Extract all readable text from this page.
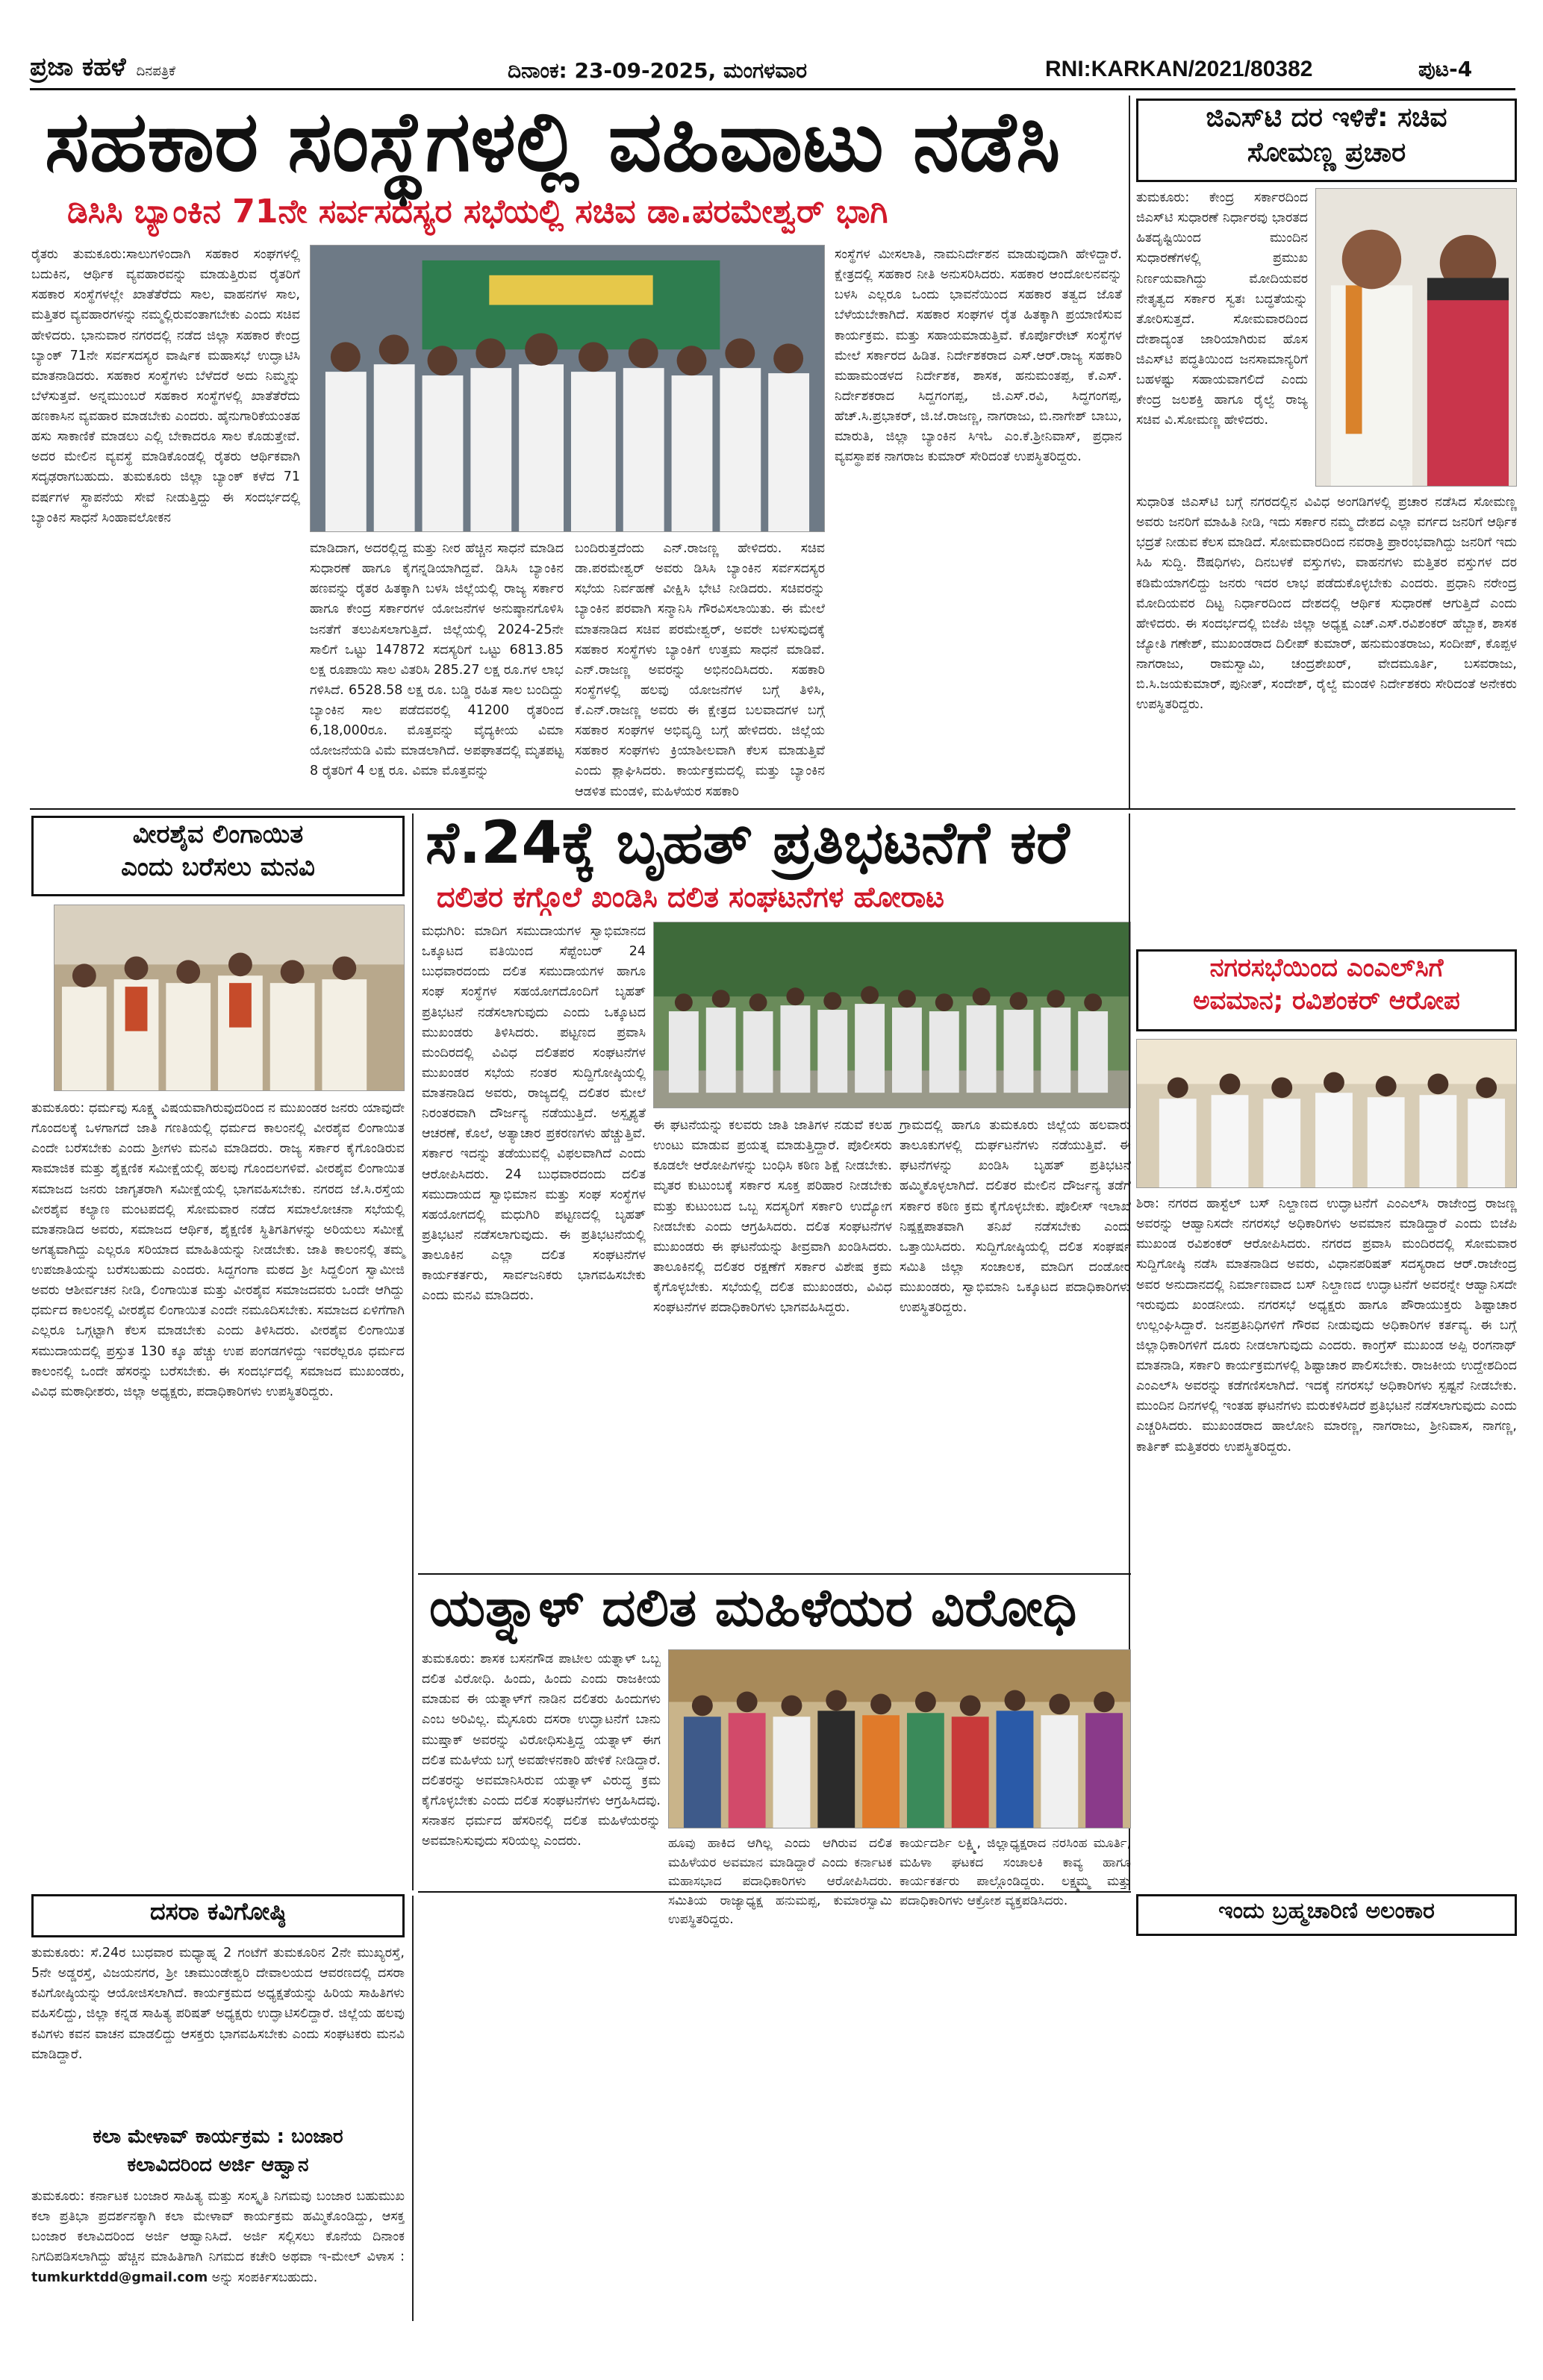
ಪ್ರಜಾ ಕಹಳೆ ದಿನಪತ್ರಿಕೆ	ದಿನಾಂಕ: 23-09-2025, ಮಂಗಳವಾರ	RNI:KARKAN/2021/80382	ಪುಟ-4
ಸಹಕಾರ ಸಂಸ್ಥೆಗಳಲ್ಲಿ ವಹಿವಾಟು ನಡೆಸಿ
ಡಿಸಿಸಿ ಬ್ಯಾಂಕಿನ 71ನೇ ಸರ್ವಸದಸ್ಯರ ಸಭೆಯಲ್ಲಿ ಸಚಿವ ಡಾ.ಪರಮೇಶ್ವರ್ ಭಾಗಿ
ರೈತರು ತುಮಕೂರು:ಸಾಲುಗಳಿಂದಾಗಿ ಸಹಕಾರ ಸಂಘಗಳಲ್ಲಿ ಬದುಕಿನ, ಆರ್ಥಿಕ ವ್ಯವಹಾರವನ್ನು ಮಾಡುತ್ತಿರುವ ರೈತರಿಗೆ ಸಹಕಾರ ಸಂಸ್ಥೆಗಳಲ್ಲೇ ಖಾತೆತೆರೆದು ಸಾಲ, ವಾಹನಗಳ ಸಾಲ, ಮತ್ತಿತರ ವ್ಯವಹಾರಗಳನ್ನು ನಮ್ಮಲ್ಲಿರುವಂತಾಗಬೇಕು ಎಂದು ಸಚಿವ ಹೇಳಿದರು. ಭಾನುವಾರ ನಗರದಲ್ಲಿ ನಡೆದ ಜಿಲ್ಲಾ ಸಹಕಾರ ಕೇಂದ್ರ ಬ್ಯಾಂಕ್ 71ನೇ ಸರ್ವಸದಸ್ಯರ ವಾರ್ಷಿಕ ಮಹಾಸಭೆ ಉದ್ಘಾಟಿಸಿ ಮಾತನಾಡಿದರು. ಸಹಕಾರ ಸಂಸ್ಥೆಗಳು ಬೆಳೆದರೆ ಅದು ನಿಮ್ಮನ್ನು ಬೆಳೆಸುತ್ತವೆ. ಅನ್ನಮುಂಬರೆ ಸಹಕಾರ ಸಂಸ್ಥೆಗಳಲ್ಲಿ ಖಾತೆತೆರೆದು ಹಣಕಾಸಿನ ವ್ಯವಹಾರ ಮಾಡಬೇಕು ಎಂದರು. ಹೈನುಗಾರಿಕೆಯಂತಹ ಹಸು ಸಾಕಾಣಿಕೆ ಮಾಡಲು ಎಲ್ಲಿ ಬೇಕಾದರೂ ಸಾಲ ಕೊಡುತ್ತೇವೆ. ಅದರ ಮೇಲಿನ ವ್ಯವಸ್ಥೆ ಮಾಡಿಕೊಂಡಲ್ಲಿ ರೈತರು ಆರ್ಥಿಕವಾಗಿ ಸದೃಢರಾಗಬಹುದು. ತುಮಕೂರು ಜಿಲ್ಲಾ ಬ್ಯಾಂಕ್ ಕಳೆದ 71 ವರ್ಷಗಳ ಸ್ಥಾಪನೆಯ ಸೇವೆ ನೀಡುತ್ತಿದ್ದು ಈ ಸಂದರ್ಭದಲ್ಲಿ ಬ್ಯಾಂಕಿನ ಸಾಧನೆ ಸಿಂಹಾವಲೋಕನ
ಮಾಡಿದಾಗ, ಅದರಲ್ಲಿದ್ದ ಮತ್ತು ನೀರ ಹೆಚ್ಚಿನ ಸಾಧನೆ ಮಾಡಿದ ಸುಧಾರಣೆ ಹಾಗೂ ಕೈಗನ್ನಡಿಯಾಗಿದ್ದವೆ. ಡಿಸಿಸಿ ಬ್ಯಾಂಕಿನ ಹಣವನ್ನು ರೈತರ ಹಿತಕ್ಕಾಗಿ ಬಳಸಿ ಜಿಲ್ಲೆಯಲ್ಲಿ ರಾಜ್ಯ ಸರ್ಕಾರ ಹಾಗೂ ಕೇಂದ್ರ ಸರ್ಕಾರಗಳ ಯೋಜನೆಗಳ ಅನುಷ್ಠಾನಗೊಳಿಸಿ ಜನತೆಗೆ ತಲುಪಿಸಲಾಗುತ್ತಿದೆ. ಜಿಲ್ಲೆಯಲ್ಲಿ 2024-25ನೇ ಸಾಲಿಗೆ ಒಟ್ಟು 147872 ಸದಸ್ಯರಿಗೆ ಒಟ್ಟು 6813.85 ಲಕ್ಷ ರೂಪಾಯಿ ಸಾಲ ವಿತರಿಸಿ 285.27 ಲಕ್ಷ ರೂ.ಗಳ ಲಾಭ ಗಳಿಸಿದೆ. 6528.58 ಲಕ್ಷ ರೂ. ಬಡ್ಡಿ ರಹಿತ ಸಾಲ ಬಂದಿದ್ದು ಬ್ಯಾಂಕಿನ ಸಾಲ ಪಡೆದವರಲ್ಲಿ 41200 ರೈತರಿಂದ 6,18,000ರೂ. ಮೊತ್ತವನ್ನು ವೈದ್ಯಕೀಯ ವಿಮಾ ಯೋಜನೆಯಡಿ ವಿಮೆ ಮಾಡಲಾಗಿದೆ. ಅಪಘಾತದಲ್ಲಿ ಮೃತಪಟ್ಟ 8 ರೈತರಿಗೆ 4 ಲಕ್ಷ ರೂ. ವಿಮಾ ಮೊತ್ತವನ್ನು
ಬಂದಿರುತ್ತದೆಂದು ಎನ್.ರಾಜಣ್ಣ ಹೇಳಿದರು. ಸಚಿವ ಡಾ.ಪರಮೇಶ್ವರ್ ಅವರು ಡಿಸಿಸಿ ಬ್ಯಾಂಕಿನ ಸರ್ವಸದಸ್ಯರ ಸಭೆಯ ನಿರ್ವಹಣೆ ವೀಕ್ಷಿಸಿ ಭೇಟಿ ನೀಡಿದರು. ಸಚಿವರನ್ನು ಬ್ಯಾಂಕಿನ ಪರವಾಗಿ ಸನ್ಮಾನಿಸಿ ಗೌರವಿಸಲಾಯಿತು. ಈ ಮೇಲೆ ಮಾತನಾಡಿದ ಸಚಿವ ಪರಮೇಶ್ವರ್, ಅವರೇ ಬಳಸುವುದಕ್ಕೆ ಸಹಕಾರ ಸಂಸ್ಥೆಗಳು ಬ್ಯಾಂಕಿಗೆ ಉತ್ತಮ ಸಾಧನೆ ಮಾಡಿವೆ. ಎನ್.ರಾಜಣ್ಣ ಅವರನ್ನು ಅಭಿನಂದಿಸಿದರು. ಸಹಕಾರಿ ಸಂಸ್ಥೆಗಳಲ್ಲಿ ಹಲವು ಯೋಜನೆಗಳ ಬಗ್ಗೆ ತಿಳಿಸಿ, ಕೆ.ಎನ್.ರಾಜಣ್ಣ ಅವರು ಈ ಕ್ಷೇತ್ರದ ಬಲವಾದಗಳ ಬಗ್ಗೆ ಸಹಕಾರ ಸಂಘಗಳ ಅಭಿವೃದ್ಧಿ ಬಗ್ಗೆ ಹೇಳಿದರು. ಜಿಲ್ಲೆಯ ಸಹಕಾರ ಸಂಘಗಳು ಕ್ರಿಯಾಶೀಲವಾಗಿ ಕೆಲಸ ಮಾಡುತ್ತಿವೆ ಎಂದು ಶ್ಲಾಘಿಸಿದರು. ಕಾರ್ಯಕ್ರಮದಲ್ಲಿ ಮತ್ತು ಬ್ಯಾಂಕಿನ ಆಡಳಿತ ಮಂಡಳಿ, ಮಹಿಳೆಯರ ಸಹಕಾರಿ
ಸಂಸ್ಥೆಗಳ ಮೀಸಲಾತಿ, ನಾಮನಿರ್ದೇಶನ ಮಾಡುವುದಾಗಿ ಹೇಳಿದ್ದಾರೆ. ಕ್ಷೇತ್ರದಲ್ಲಿ ಸಹಕಾರ ನೀತಿ ಅನುಸರಿಸಿದರು. ಸಹಕಾರ ಆಂದೋಲನವನ್ನು ಬಳಸಿ ಎಲ್ಲರೂ ಒಂದು ಭಾವನೆಯಿಂದ ಸಹಕಾರ ತತ್ವದ ಜೊತೆ ಬೆಳೆಯಬೇಕಾಗಿದೆ. ಸಹಕಾರ ಸಂಘಗಳ ರೈತ ಹಿತಕ್ಕಾಗಿ ಪ್ರಯಾಣಿಸುವ ಕಾರ್ಯಕ್ರಮ. ಮತ್ತು ಸಹಾಯಮಾಡುತ್ತಿವೆ. ಕೊರ್ಪೊರೇಟ್ ಸಂಸ್ಥೆಗಳ ಮೇಲೆ ಸರ್ಕಾರದ ಹಿಡಿತ. ನಿರ್ದೇಶಕರಾದ ಎಸ್.ಆರ್.ರಾಜ್ಯ ಸಹಕಾರಿ ಮಹಾಮಂಡಳದ ನಿರ್ದೇಶಕ, ಶಾಸಕ, ಹನುಮಂತಪ್ಪ, ಕೆ.ಎಸ್. ನಿರ್ದೇಶಕರಾದ ಸಿದ್ದಗಂಗಪ್ಪ, ಜಿ.ಎಸ್.ರವಿ, ಸಿದ್ಧಗಂಗಪ್ಪ, ಹೆಚ್.ಸಿ.ಪ್ರಭಾಕರ್, ಜಿ.ಜೆ.ರಾಜಣ್ಣ, ನಾಗರಾಜು, ಬಿ.ನಾಗೇಶ್ ಬಾಬು, ಮಾರುತಿ, ಜಿಲ್ಲಾ ಬ್ಯಾಂಕಿನ ಸಿಇಓ ಎಂ.ಕೆ.ಶ್ರೀನಿವಾಸ್, ಪ್ರಧಾನ ವ್ಯವಸ್ಥಾಪಕ ನಾಗರಾಜ ಕುಮಾರ್ ಸೇರಿದಂತೆ ಉಪಸ್ಥಿತರಿದ್ದರು.
ಜಿಎಸ್‌ಟಿ ದರ ಇಳಿಕೆ: ಸಚಿವ
ಸೋಮಣ್ಣ ಪ್ರಚಾರ
ತುಮಕೂರು: ಕೇಂದ್ರ ಸರ್ಕಾರದಿಂದ ಜಿಎಸ್‌ಟಿ ಸುಧಾರಣೆ ನಿರ್ಧಾರವು ಭಾರತದ ಹಿತದೃಷ್ಟಿಯಿಂದ ಮುಂದಿನ ಸುಧಾರಣೆಗಳಲ್ಲಿ ಪ್ರಮುಖ ನಿರ್ಣಯವಾಗಿದ್ದು ಮೋದಿಯವರ ನೇತೃತ್ವದ ಸರ್ಕಾರ ಸ್ವತಃ ಬದ್ಧತೆಯನ್ನು ತೋರಿಸುತ್ತದೆ. ಸೋಮವಾರದಿಂದ ದೇಶಾದ್ಯಂತ ಜಾರಿಯಾಗಿರುವ ಹೊಸ ಜಿಎಸ್‌ಟಿ ಪದ್ಧತಿಯಿಂದ ಜನಸಾಮಾನ್ಯರಿಗೆ ಬಹಳಷ್ಟು ಸಹಾಯವಾಗಲಿದೆ ಎಂದು ಕೇಂದ್ರ ಜಲಶಕ್ತಿ ಹಾಗೂ ರೈಲ್ವೆ ರಾಜ್ಯ ಸಚಿವ ವಿ.ಸೋಮಣ್ಣ ಹೇಳಿದರು.
ಸುಧಾರಿತ ಜಿಎಸ್‌ಟಿ ಬಗ್ಗೆ ನಗರದಲ್ಲಿನ ವಿವಿಧ ಅಂಗಡಿಗಳಲ್ಲಿ ಪ್ರಚಾರ ನಡೆಸಿದ ಸೋಮಣ್ಣ ಅವರು ಜನರಿಗೆ ಮಾಹಿತಿ ನೀಡಿ, ಇದು ಸರ್ಕಾರ ನಮ್ಮ ದೇಶದ ಎಲ್ಲಾ ವರ್ಗದ ಜನರಿಗೆ ಆರ್ಥಿಕ ಭದ್ರತೆ ನೀಡುವ ಕೆಲಸ ಮಾಡಿದೆ. ಸೋಮವಾರದಿಂದ ನವರಾತ್ರಿ ಪ್ರಾರಂಭವಾಗಿದ್ದು ಜನರಿಗೆ ಇದು ಸಿಹಿ ಸುದ್ದಿ. ಔಷಧಿಗಳು, ದಿನಬಳಕೆ ವಸ್ತುಗಳು, ವಾಹನಗಳು ಮತ್ತಿತರ ವಸ್ತುಗಳ ದರ ಕಡಿಮೆಯಾಗಲಿದ್ದು ಜನರು ಇದರ ಲಾಭ ಪಡೆದುಕೊಳ್ಳಬೇಕು ಎಂದರು. ಪ್ರಧಾನಿ ನರೇಂದ್ರ ಮೋದಿಯವರ ದಿಟ್ಟ ನಿರ್ಧಾರದಿಂದ ದೇಶದಲ್ಲಿ ಆರ್ಥಿಕ ಸುಧಾರಣೆ ಆಗುತ್ತಿದೆ ಎಂದು ಹೇಳಿದರು. ಈ ಸಂದರ್ಭದಲ್ಲಿ ಬಿಜೆಪಿ ಜಿಲ್ಲಾ ಅಧ್ಯಕ್ಷ ಎಚ್.ಎಸ್.ರವಿಶಂಕರ್ ಹೆಬ್ಬಾಕ, ಶಾಸಕ ಜ್ಯೋತಿ ಗಣೇಶ್, ಮುಖಂಡರಾದ ದಿಲೀಪ್ ಕುಮಾರ್, ಹನುಮಂತರಾಜು, ಸಂದೀಪ್, ಕೊಪ್ಪಳ ನಾಗರಾಜು, ರಾಮಸ್ವಾಮಿ, ಚಂದ್ರಶೇಖರ್, ವೇದಮೂರ್ತಿ, ಬಸವರಾಜು, ಬಿ.ಸಿ.ಜಯಕುಮಾರ್, ಪುನೀತ್, ಸಂದೇಶ್, ರೈಲ್ವೆ ಮಂಡಳಿ ನಿರ್ದೇಶಕರು ಸೇರಿದಂತೆ ಅನೇಕರು ಉಪಸ್ಥಿತರಿದ್ದರು.
ವೀರಶೈವ ಲಿಂಗಾಯಿತ
ಎಂದು ಬರೆಸಲು ಮನವಿ
ತುಮಕೂರು: ಧರ್ಮವು ಸೂಕ್ಷ್ಮ ವಿಷಯವಾಗಿರುವುದರಿಂದ ನ ಮುಖಂಡರ ಜನರು ಯಾವುದೇ ಗೊಂದಲಕ್ಕೆ ಒಳಗಾಗದೆ ಜಾತಿ ಗಣತಿಯಲ್ಲಿ ಧರ್ಮದ ಕಾಲಂನಲ್ಲಿ ವೀರಶೈವ ಲಿಂಗಾಯಿತ ಎಂದೇ ಬರೆಸಬೇಕು ಎಂದು ಶ್ರೀಗಳು ಮನವಿ ಮಾಡಿದರು. ರಾಜ್ಯ ಸರ್ಕಾರ ಕೈಗೊಂಡಿರುವ ಸಾಮಾಜಿಕ ಮತ್ತು ಶೈಕ್ಷಣಿಕ ಸಮೀಕ್ಷೆಯಲ್ಲಿ ಹಲವು ಗೊಂದಲಗಳಿವೆ. ವೀರಶೈವ ಲಿಂಗಾಯಿತ ಸಮಾಜದ ಜನರು ಜಾಗೃತರಾಗಿ ಸಮೀಕ್ಷೆಯಲ್ಲಿ ಭಾಗವಹಿಸಬೇಕು. ನಗರದ ಜೆ.ಸಿ.ರಸ್ತೆಯ ವೀರಶೈವ ಕಲ್ಯಾಣ ಮಂಟಪದಲ್ಲಿ ಸೋಮವಾರ ನಡೆದ ಸಮಾಲೋಚನಾ ಸಭೆಯಲ್ಲಿ ಮಾತನಾಡಿದ ಅವರು, ಸಮಾಜದ ಆರ್ಥಿಕ, ಶೈಕ್ಷಣಿಕ ಸ್ಥಿತಿಗತಿಗಳನ್ನು ಅರಿಯಲು ಸಮೀಕ್ಷೆ ಅಗತ್ಯವಾಗಿದ್ದು ಎಲ್ಲರೂ ಸರಿಯಾದ ಮಾಹಿತಿಯನ್ನು ನೀಡಬೇಕು. ಜಾತಿ ಕಾಲಂನಲ್ಲಿ ತಮ್ಮ ಉಪಜಾತಿಯನ್ನು ಬರೆಸಬಹುದು ಎಂದರು. ಸಿದ್ದಗಂಗಾ ಮಠದ ಶ್ರೀ ಸಿದ್ದಲಿಂಗ ಸ್ವಾಮೀಜಿ ಅವರು ಆಶೀರ್ವಚನ ನೀಡಿ, ಲಿಂಗಾಯಿತ ಮತ್ತು ವೀರಶೈವ ಸಮಾಜದವರು ಒಂದೇ ಆಗಿದ್ದು ಧರ್ಮದ ಕಾಲಂನಲ್ಲಿ ವೀರಶೈವ ಲಿಂಗಾಯಿತ ಎಂದೇ ನಮೂದಿಸಬೇಕು. ಸಮಾಜದ ಏಳಿಗೆಗಾಗಿ ಎಲ್ಲರೂ ಒಗ್ಗಟ್ಟಾಗಿ ಕೆಲಸ ಮಾಡಬೇಕು ಎಂದು ತಿಳಿಸಿದರು. ವೀರಶೈವ ಲಿಂಗಾಯಿತ ಸಮುದಾಯದಲ್ಲಿ ಪ್ರಸ್ತುತ 130 ಕ್ಕೂ ಹೆಚ್ಚು ಉಪ ಪಂಗಡಗಳಿದ್ದು ಇವರೆಲ್ಲರೂ ಧರ್ಮದ ಕಾಲಂನಲ್ಲಿ ಒಂದೇ ಹೆಸರನ್ನು ಬರೆಸಬೇಕು. ಈ ಸಂದರ್ಭದಲ್ಲಿ ಸಮಾಜದ ಮುಖಂಡರು, ವಿವಿಧ ಮಠಾಧೀಶರು, ಜಿಲ್ಲಾ ಅಧ್ಯಕ್ಷರು, ಪದಾಧಿಕಾರಿಗಳು ಉಪಸ್ಥಿತರಿದ್ದರು.
ಸೆ.24ಕ್ಕೆ ಬೃಹತ್ ಪ್ರತಿಭಟನೆಗೆ ಕರೆ
ದಲಿತರ ಕಗ್ಗೊಲೆ ಖಂಡಿಸಿ ದಲಿತ ಸಂಘಟನೆಗಳ ಹೋರಾಟ
ಮಧುಗಿರಿ: ಮಾದಿಗ ಸಮುದಾಯಗಳ ಸ್ವಾಭಿಮಾನದ ಒಕ್ಕೂಟದ ವತಿಯಿಂದ ಸೆಪ್ಟೆಂಬರ್ 24 ಬುಧವಾರದಂದು ದಲಿತ ಸಮುದಾಯಗಳ ಹಾಗೂ ಸಂಘ ಸಂಸ್ಥೆಗಳ ಸಹಯೋಗದೊಂದಿಗೆ ಬೃಹತ್ ಪ್ರತಿಭಟನೆ ನಡೆಸಲಾಗುವುದು ಎಂದು ಒಕ್ಕೂಟದ ಮುಖಂಡರು ತಿಳಿಸಿದರು. ಪಟ್ಟಣದ ಪ್ರವಾಸಿ ಮಂದಿರದಲ್ಲಿ ವಿವಿಧ ದಲಿತಪರ ಸಂಘಟನೆಗಳ ಮುಖಂಡರ ಸಭೆಯ ನಂತರ ಸುದ್ದಿಗೋಷ್ಠಿಯಲ್ಲಿ ಮಾತನಾಡಿದ ಅವರು, ರಾಜ್ಯದಲ್ಲಿ ದಲಿತರ ಮೇಲೆ ನಿರಂತರವಾಗಿ ದೌರ್ಜನ್ಯ ನಡೆಯುತ್ತಿದೆ. ಅಸ್ಪೃಶ್ಯತೆ ಆಚರಣೆ, ಕೊಲೆ, ಅತ್ಯಾಚಾರ ಪ್ರಕರಣಗಳು ಹೆಚ್ಚುತ್ತಿವೆ. ಸರ್ಕಾರ ಇದನ್ನು ತಡೆಯುವಲ್ಲಿ ವಿಫಲವಾಗಿದೆ ಎಂದು ಆರೋಪಿಸಿದರು. 24 ಬುಧವಾರದಂದು ದಲಿತ ಸಮುದಾಯದ ಸ್ವಾಭಿಮಾನ ಮತ್ತು ಸಂಘ ಸಂಸ್ಥೆಗಳ ಸಹಯೋಗದಲ್ಲಿ ಮಧುಗಿರಿ ಪಟ್ಟಣದಲ್ಲಿ ಬೃಹತ್ ಪ್ರತಿಭಟನೆ ನಡೆಸಲಾಗುವುದು. ಈ ಪ್ರತಿಭಟನೆಯಲ್ಲಿ ತಾಲೂಕಿನ ಎಲ್ಲಾ ದಲಿತ ಸಂಘಟನೆಗಳ ಕಾರ್ಯಕರ್ತರು, ಸಾರ್ವಜನಿಕರು ಭಾಗವಹಿಸಬೇಕು ಎಂದು ಮನವಿ ಮಾಡಿದರು.
ಈ ಘಟನೆಯನ್ನು ಕಲವರು ಜಾತಿ ಜಾತಿಗಳ ನಡುವೆ ಕಲಹ ಉಂಟು ಮಾಡುವ ಪ್ರಯತ್ನ ಮಾಡುತ್ತಿದ್ದಾರೆ. ಪೊಲೀಸರು ಕೂಡಲೇ ಆರೋಪಿಗಳನ್ನು ಬಂಧಿಸಿ ಕಠಿಣ ಶಿಕ್ಷೆ ನೀಡಬೇಕು. ಮೃತರ ಕುಟುಂಬಕ್ಕೆ ಸರ್ಕಾರ ಸೂಕ್ತ ಪರಿಹಾರ ನೀಡಬೇಕು ಮತ್ತು ಕುಟುಂಬದ ಒಬ್ಬ ಸದಸ್ಯರಿಗೆ ಸರ್ಕಾರಿ ಉದ್ಯೋಗ ನೀಡಬೇಕು ಎಂದು ಆಗ್ರಹಿಸಿದರು. ದಲಿತ ಸಂಘಟನೆಗಳ ಮುಖಂಡರು ಈ ಘಟನೆಯನ್ನು ತೀವ್ರವಾಗಿ ಖಂಡಿಸಿದರು. ತಾಲೂಕಿನಲ್ಲಿ ದಲಿತರ ರಕ್ಷಣೆಗೆ ಸರ್ಕಾರ ವಿಶೇಷ ಕ್ರಮ ಕೈಗೊಳ್ಳಬೇಕು. ಸಭೆಯಲ್ಲಿ ದಲಿತ ಮುಖಂಡರು, ವಿವಿಧ ಸಂಘಟನೆಗಳ ಪದಾಧಿಕಾರಿಗಳು ಭಾಗವಹಿಸಿದ್ದರು.
ಗ್ರಾಮದಲ್ಲಿ ಹಾಗೂ ತುಮಕೂರು ಜಿಲ್ಲೆಯ ಹಲವಾರು ತಾಲೂಕುಗಳಲ್ಲಿ ದುರ್ಘಟನೆಗಳು ನಡೆಯುತ್ತಿವೆ. ಈ ಘಟನೆಗಳನ್ನು ಖಂಡಿಸಿ ಬೃಹತ್ ಪ್ರತಿಭಟನೆ ಹಮ್ಮಿಕೊಳ್ಳಲಾಗಿದೆ. ದಲಿತರ ಮೇಲಿನ ದೌರ್ಜನ್ಯ ತಡೆಗೆ ಸರ್ಕಾರ ಕಠಿಣ ಕ್ರಮ ಕೈಗೊಳ್ಳಬೇಕು. ಪೊಲೀಸ್ ಇಲಾಖೆ ನಿಷ್ಪಕ್ಷಪಾತವಾಗಿ ತನಿಖೆ ನಡೆಸಬೇಕು ಎಂದು ಒತ್ತಾಯಿಸಿದರು. ಸುದ್ದಿಗೋಷ್ಠಿಯಲ್ಲಿ ದಲಿತ ಸಂಘರ್ಷ ಸಮಿತಿ ಜಿಲ್ಲಾ ಸಂಚಾಲಕ, ಮಾದಿಗ ದಂಡೋರ ಮುಖಂಡರು, ಸ್ವಾಭಿಮಾನಿ ಒಕ್ಕೂಟದ ಪದಾಧಿಕಾರಿಗಳು ಉಪಸ್ಥಿತರಿದ್ದರು.
ನಗರಸಭೆಯಿಂದ ಎಂಎಲ್‌ಸಿಗೆ
ಅವಮಾನ; ರವಿಶಂಕರ್ ಆರೋಪ
ಶಿರಾ: ನಗರದ ಹಾಸ್ಟೆಲ್ ಬಸ್ ನಿಲ್ದಾಣದ ಉದ್ಘಾಟನೆಗೆ ಎಂಎಲ್‌ಸಿ ರಾಜೇಂದ್ರ ರಾಜಣ್ಣ ಅವರನ್ನು ಆಹ್ವಾನಿಸದೇ ನಗರಸಭೆ ಅಧಿಕಾರಿಗಳು ಅವಮಾನ ಮಾಡಿದ್ದಾರೆ ಎಂದು ಬಿಜೆಪಿ ಮುಖಂಡ ರವಿಶಂಕರ್ ಆರೋಪಿಸಿದರು. ನಗರದ ಪ್ರವಾಸಿ ಮಂದಿರದಲ್ಲಿ ಸೋಮವಾರ ಸುದ್ದಿಗೋಷ್ಠಿ ನಡೆಸಿ ಮಾತನಾಡಿದ ಅವರು, ವಿಧಾನಪರಿಷತ್ ಸದಸ್ಯರಾದ ಆರ್.ರಾಜೇಂದ್ರ ಅವರ ಅನುದಾನದಲ್ಲಿ ನಿರ್ಮಾಣವಾದ ಬಸ್ ನಿಲ್ದಾಣದ ಉದ್ಘಾಟನೆಗೆ ಅವರನ್ನೇ ಆಹ್ವಾನಿಸದೇ ಇರುವುದು ಖಂಡನೀಯ. ನಗರಸಭೆ ಅಧ್ಯಕ್ಷರು ಹಾಗೂ ಪೌರಾಯುಕ್ತರು ಶಿಷ್ಟಾಚಾರ ಉಲ್ಲಂಘಿಸಿದ್ದಾರೆ. ಜನಪ್ರತಿನಿಧಿಗಳಿಗೆ ಗೌರವ ನೀಡುವುದು ಅಧಿಕಾರಿಗಳ ಕರ್ತವ್ಯ. ಈ ಬಗ್ಗೆ ಜಿಲ್ಲಾಧಿಕಾರಿಗಳಿಗೆ ದೂರು ನೀಡಲಾಗುವುದು ಎಂದರು. ಕಾಂಗ್ರೆಸ್ ಮುಖಂಡ ಅಪ್ಪಿ ರಂಗನಾಥ್ ಮಾತನಾಡಿ, ಸರ್ಕಾರಿ ಕಾರ್ಯಕ್ರಮಗಳಲ್ಲಿ ಶಿಷ್ಟಾಚಾರ ಪಾಲಿಸಬೇಕು. ರಾಜಕೀಯ ಉದ್ದೇಶದಿಂದ ಎಂಎಲ್‌ಸಿ ಅವರನ್ನು ಕಡೆಗಣಿಸಲಾಗಿದೆ. ಇದಕ್ಕೆ ನಗರಸಭೆ ಅಧಿಕಾರಿಗಳು ಸ್ಪಷ್ಟನೆ ನೀಡಬೇಕು. ಮುಂದಿನ ದಿನಗಳಲ್ಲಿ ಇಂತಹ ಘಟನೆಗಳು ಮರುಕಳಿಸಿದರೆ ಪ್ರತಿಭಟನೆ ನಡೆಸಲಾಗುವುದು ಎಂದು ಎಚ್ಚರಿಸಿದರು. ಮುಖಂಡರಾದ ಹಾಲೋನಿ ಮಾರಣ್ಣ, ನಾಗರಾಜು, ಶ್ರೀನಿವಾಸ, ನಾಗಣ್ಣ, ಕಾರ್ತಿಕ್ ಮತ್ತಿತರರು ಉಪಸ್ಥಿತರಿದ್ದರು.
ಯತ್ನಾಳ್ ದಲಿತ ಮಹಿಳೆಯರ ವಿರೋಧಿ
ತುಮಕೂರು: ಶಾಸಕ ಬಸನಗೌಡ ಪಾಟೀಲ ಯತ್ನಾಳ್ ಒಬ್ಬ ದಲಿತ ವಿರೋಧಿ. ಹಿಂದು, ಹಿಂದು ಎಂದು ರಾಜಕೀಯ ಮಾಡುವ ಈ ಯತ್ನಾಳ್‌ಗೆ ನಾಡಿನ ದಲಿತರು ಹಿಂದುಗಳು ಎಂಬ ಅರಿವಿಲ್ಲ. ಮೈಸೂರು ದಸರಾ ಉದ್ಘಾಟನೆಗೆ ಬಾನು ಮುಷ್ತಾಕ್ ಅವರನ್ನು ವಿರೋಧಿಸುತ್ತಿದ್ದ ಯತ್ನಾಳ್ ಈಗ ದಲಿತ ಮಹಿಳೆಯ ಬಗ್ಗೆ ಅವಹೇಳನಕಾರಿ ಹೇಳಿಕೆ ನೀಡಿದ್ದಾರೆ. ದಲಿತರನ್ನು ಅವಮಾನಿಸಿರುವ ಯತ್ನಾಳ್ ವಿರುದ್ಧ ಕ್ರಮ ಕೈಗೊಳ್ಳಬೇಕು ಎಂದು ದಲಿತ ಸಂಘಟನೆಗಳು ಆಗ್ರಹಿಸಿದವು. ಸನಾತನ ಧರ್ಮದ ಹೆಸರಿನಲ್ಲಿ ದಲಿತ ಮಹಿಳೆಯರನ್ನು ಅವಮಾನಿಸುವುದು ಸರಿಯಲ್ಲ ಎಂದರು.	ಹೂವು ಹಾಕಿದ ಆಗಿಲ್ಲ ಎಂದು ಆಗಿರುವ ದಲಿತ ಮಹಿಳೆಯರ ಅವಮಾನ ಮಾಡಿದ್ದಾರೆ ಎಂದು ಕರ್ನಾಟಕ ಮಹಾಸಭಾದ ಪದಾಧಿಕಾರಿಗಳು ಆರೋಪಿಸಿದರು. ಸಮಿತಿಯ ರಾಜ್ಯಾಧ್ಯಕ್ಷ ಹನುಮಪ್ಪ, ಕುಮಾರಸ್ವಾಮಿ ಉಪಸ್ಥಿತರಿದ್ದರು.
ಕಾರ್ಯದರ್ಶಿ ಲಕ್ಷ್ಮಿ, ಜಿಲ್ಲಾಧ್ಯಕ್ಷರಾದ ನರಸಿಂಹ ಮೂರ್ತಿ, ಮಹಿಳಾ ಘಟಕದ ಸಂಚಾಲಕಿ ಕಾವ್ಯ ಹಾಗೂ ಕಾರ್ಯಕರ್ತರು ಪಾಲ್ಗೊಂಡಿದ್ದರು. ಲಕ್ಷ್ಮಮ್ಮ ಮತ್ತು ಪದಾಧಿಕಾರಿಗಳು ಆಕ್ರೋಶ ವ್ಯಕ್ತಪಡಿಸಿದರು.	ಇಂದು ಬ್ರಹ್ಮಚಾರಿಣಿ ಅಲಂಕಾರ
ದಸರಾ ಕವಿಗೋಷ್ಠಿ
ತುಮಕೂರು: ಸೆ.24ರ ಬುಧವಾರ ಮಧ್ಯಾಹ್ನ 2 ಗಂಟೆಗೆ ತುಮಕೂರಿನ 2ನೇ ಮುಖ್ಯರಸ್ತೆ, 5ನೇ ಅಡ್ಡರಸ್ತೆ, ವಿಜಯನಗರ, ಶ್ರೀ ಚಾಮುಂಡೇಶ್ವರಿ ದೇವಾಲಯದ ಆವರಣದಲ್ಲಿ ದಸರಾ ಕವಿಗೋಷ್ಠಿಯನ್ನು ಆಯೋಜಿಸಲಾಗಿದೆ. ಕಾರ್ಯಕ್ರಮದ ಅಧ್ಯಕ್ಷತೆಯನ್ನು ಹಿರಿಯ ಸಾಹಿತಿಗಳು ವಹಿಸಲಿದ್ದು, ಜಿಲ್ಲಾ ಕನ್ನಡ ಸಾಹಿತ್ಯ ಪರಿಷತ್ ಅಧ್ಯಕ್ಷರು ಉದ್ಘಾಟಿಸಲಿದ್ದಾರೆ. ಜಿಲ್ಲೆಯ ಹಲವು ಕವಿಗಳು ಕವನ ವಾಚನ ಮಾಡಲಿದ್ದು ಆಸಕ್ತರು ಭಾಗವಹಿಸಬೇಕು ಎಂದು ಸಂಘಟಕರು ಮನವಿ ಮಾಡಿದ್ದಾರೆ.
ಕಲಾ ಮೇಳಾವ್ ಕಾರ್ಯಕ್ರಮ : ಬಂಜಾರ
ಕಲಾವಿದರಿಂದ ಅರ್ಜಿ ಆಹ್ವಾನ
ತುಮಕೂರು: ಕರ್ನಾಟಕ ಬಂಜಾರ ಸಾಹಿತ್ಯ ಮತ್ತು ಸಂಸ್ಕೃತಿ ನಿಗಮವು ಬಂಜಾರ ಬಹುಮುಖ ಕಲಾ ಪ್ರತಿಭಾ ಪ್ರದರ್ಶನಕ್ಕಾಗಿ ಕಲಾ ಮೇಳಾವ್ ಕಾರ್ಯಕ್ರಮ ಹಮ್ಮಿಕೊಂಡಿದ್ದು, ಆಸಕ್ತ ಬಂಜಾರ ಕಲಾವಿದರಿಂದ ಅರ್ಜಿ ಆಹ್ವಾನಿಸಿದೆ. ಅರ್ಜಿ ಸಲ್ಲಿಸಲು ಕೊನೆಯ ದಿನಾಂಕ ನಿಗದಿಪಡಿಸಲಾಗಿದ್ದು ಹೆಚ್ಚಿನ ಮಾಹಿತಿಗಾಗಿ ನಿಗಮದ ಕಚೇರಿ ಅಥವಾ ಇ-ಮೇಲ್ ವಿಳಾಸ : tumkurktdd@gmail.com ಅನ್ನು ಸಂಪರ್ಕಿಸಬಹುದು.
